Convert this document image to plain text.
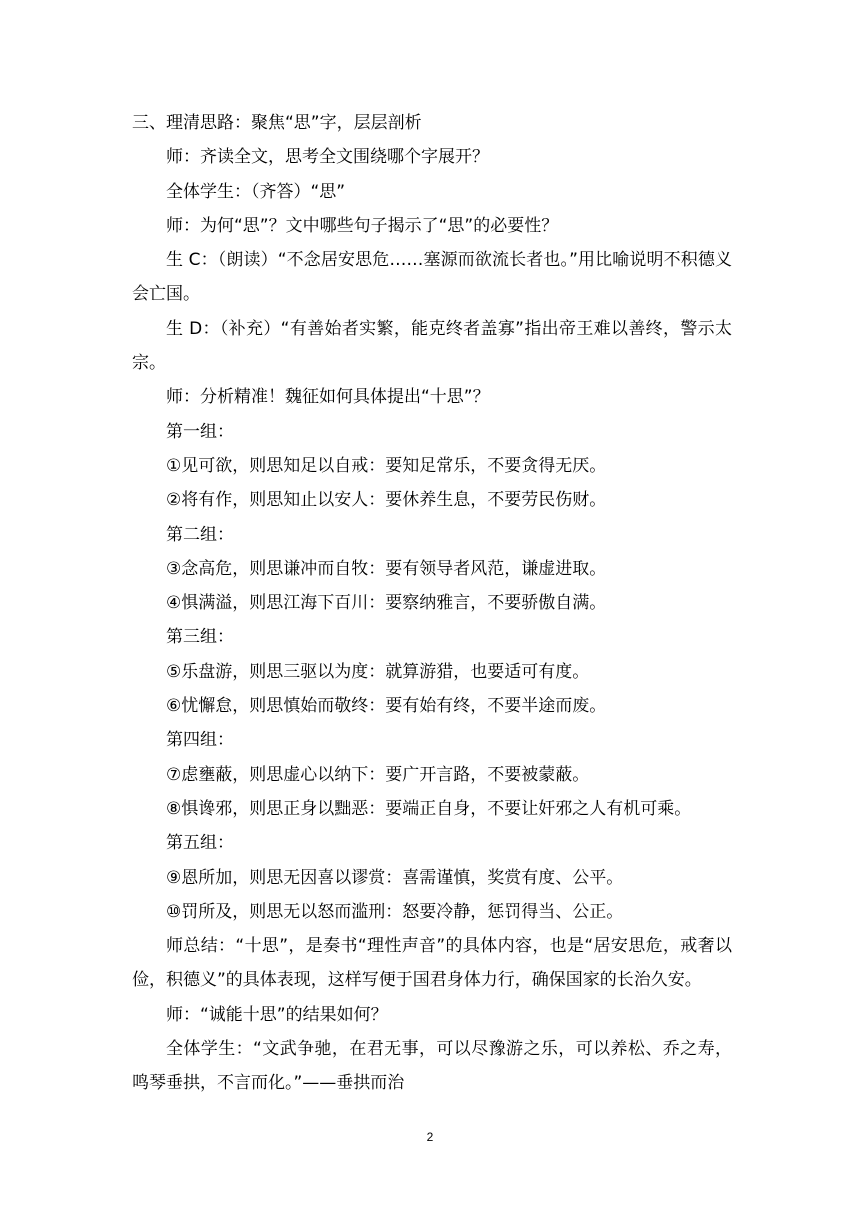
三、理清思路：聚焦“思”字，层层剖析

师：齐读全文，思考全文围绕哪个字展开？

全体学生：（齐答）“思”

师：为何“思”？文中哪些句子揭示了“思”的必要性？

生 C：（朗读）“不念居安思危……塞源而欲流长者也。”用比喻说明不积德义会亡国。

生 D：（补充）“有善始者实繁，能克终者盖寡”指出帝王难以善终，警示太宗。

师：分析精准！魏征如何具体提出“十思”？

第一组：

①见可欲，则思知足以自戒：要知足常乐，不要贪得无厌。

②将有作，则思知止以安人：要休养生息，不要劳民伤财。

第二组：

③念高危，则思谦冲而自牧：要有领导者风范，谦虚进取。

④惧满溢，则思江海下百川：要察纳雅言，不要骄傲自满。

第三组：

⑤乐盘游，则思三驱以为度：就算游猎，也要适可有度。

⑥忧懈怠，则思慎始而敬终：要有始有终，不要半途而废。

第四组：

⑦虑壅蔽，则思虚心以纳下：要广开言路，不要被蒙蔽。

⑧惧谗邪，则思正身以黜恶：要端正自身，不要让奸邪之人有机可乘。

第五组：

⑨恩所加，则思无因喜以谬赏：喜需谨慎，奖赏有度、公平。

⑩罚所及，则思无以怒而滥刑：怒要冷静，惩罚得当、公正。

师总结：“十思”，是奏书“理性声音”的具体内容，也是“居安思危，戒奢以俭，积德义”的具体表现，这样写便于国君身体力行，确保国家的长治久安。

师：“诚能十思”的结果如何？

全体学生：“文武争驰，在君无事，可以尽豫游之乐，可以养松、乔之寿，鸣琴垂拱，不言而化。”——垂拱而治

2
